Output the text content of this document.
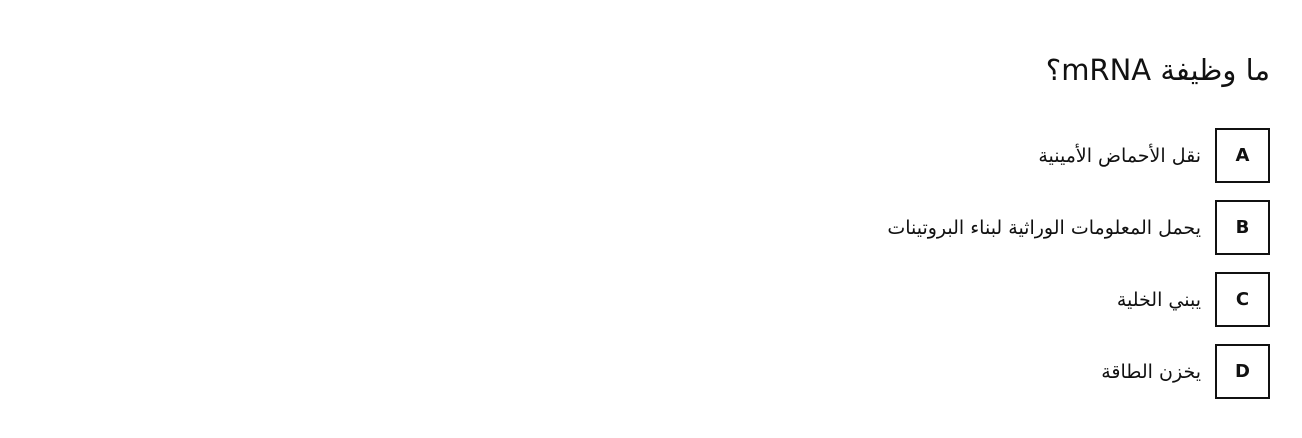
ما وظيفة mRNA؟
A
نقل الأحماض الأمينية
B
يحمل المعلومات الوراثية لبناء البروتينات
C
يبني الخلية
D
يخزن الطاقة
